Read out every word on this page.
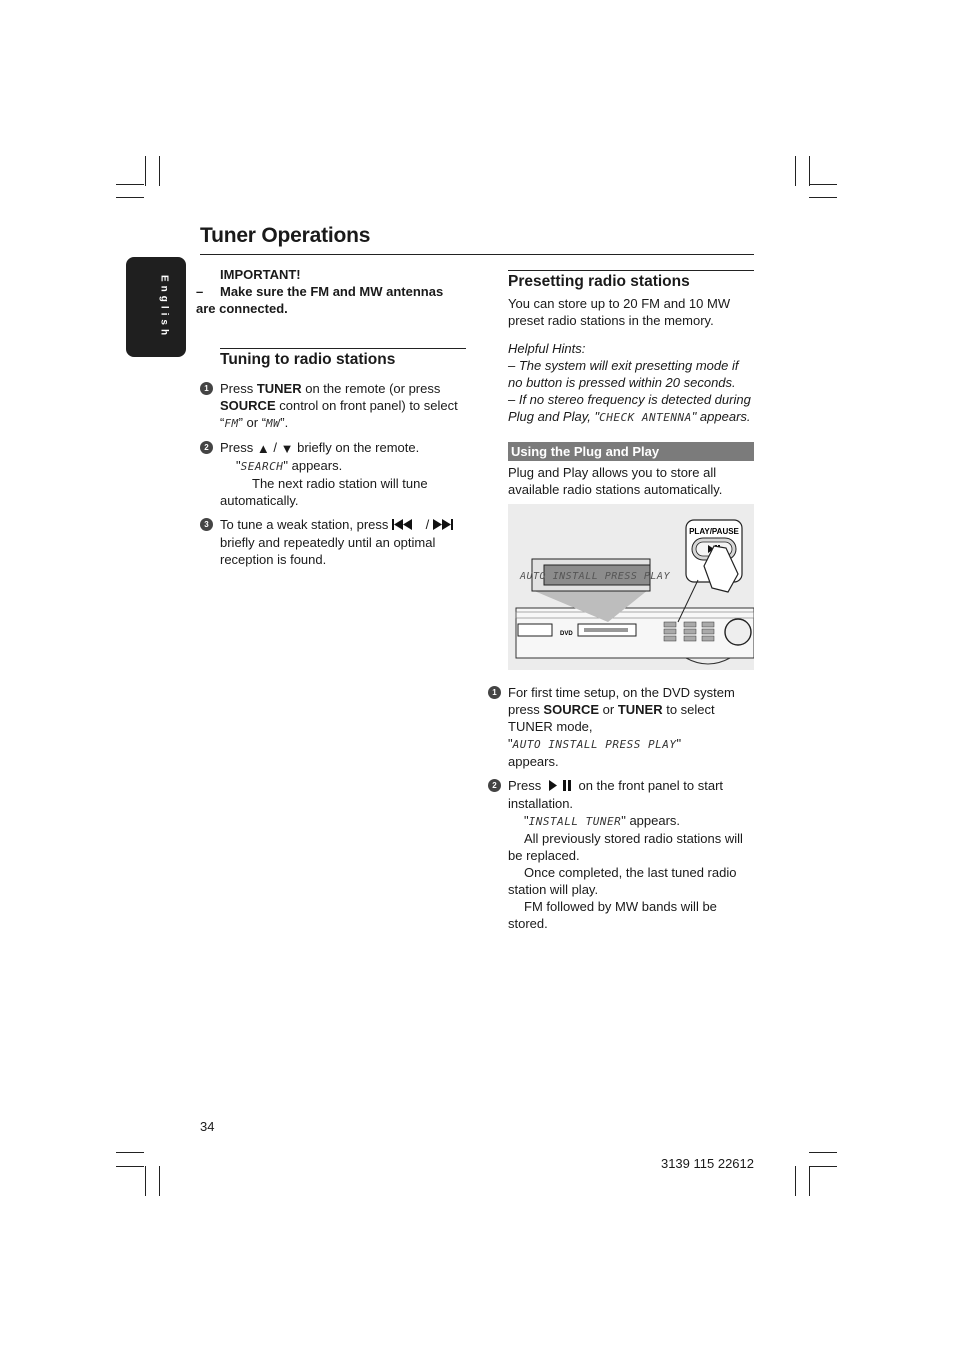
Tuner Operations
English
IMPORTANT!
– Make sure the FM and MW antennas are connected.
Tuning to radio stations
1 Press TUNER on the remote (or press SOURCE control on front panel) to select “FM” or “MW”.
2 Press ▲ / ▼ briefly on the remote.
"SEARCH" appears.
The next radio station will tune automatically.
3 To tune a weak station, press	/  briefly and repeatedly until an optimal reception is found.
Presetting radio stations
You can store up to 20 FM and 10 MW preset radio stations in the memory.
Helpful Hints:
– The system will exit presetting mode if no button is pressed within 20 seconds.
– If no stereo frequency is detected during Plug and Play, "CHECK ANTENNA" appears.
Using the Plug and Play
Plug and Play allows you to store all available radio stations automatically.
DVD
AUTO INSTALL PRESS PLAY
PLAY/PAUSE
1 For first time setup, on the DVD system press SOURCE or TUNER to select TUNER mode,
"AUTO INSTALL PRESS PLAY"
appears.
2 Press	on the front panel to start installation.
"INSTALL TUNER" appears.
All previously stored radio stations will be replaced.
Once completed, the last tuned radio station will play.
FM followed by MW bands will be stored.
34
3139 115 22612
